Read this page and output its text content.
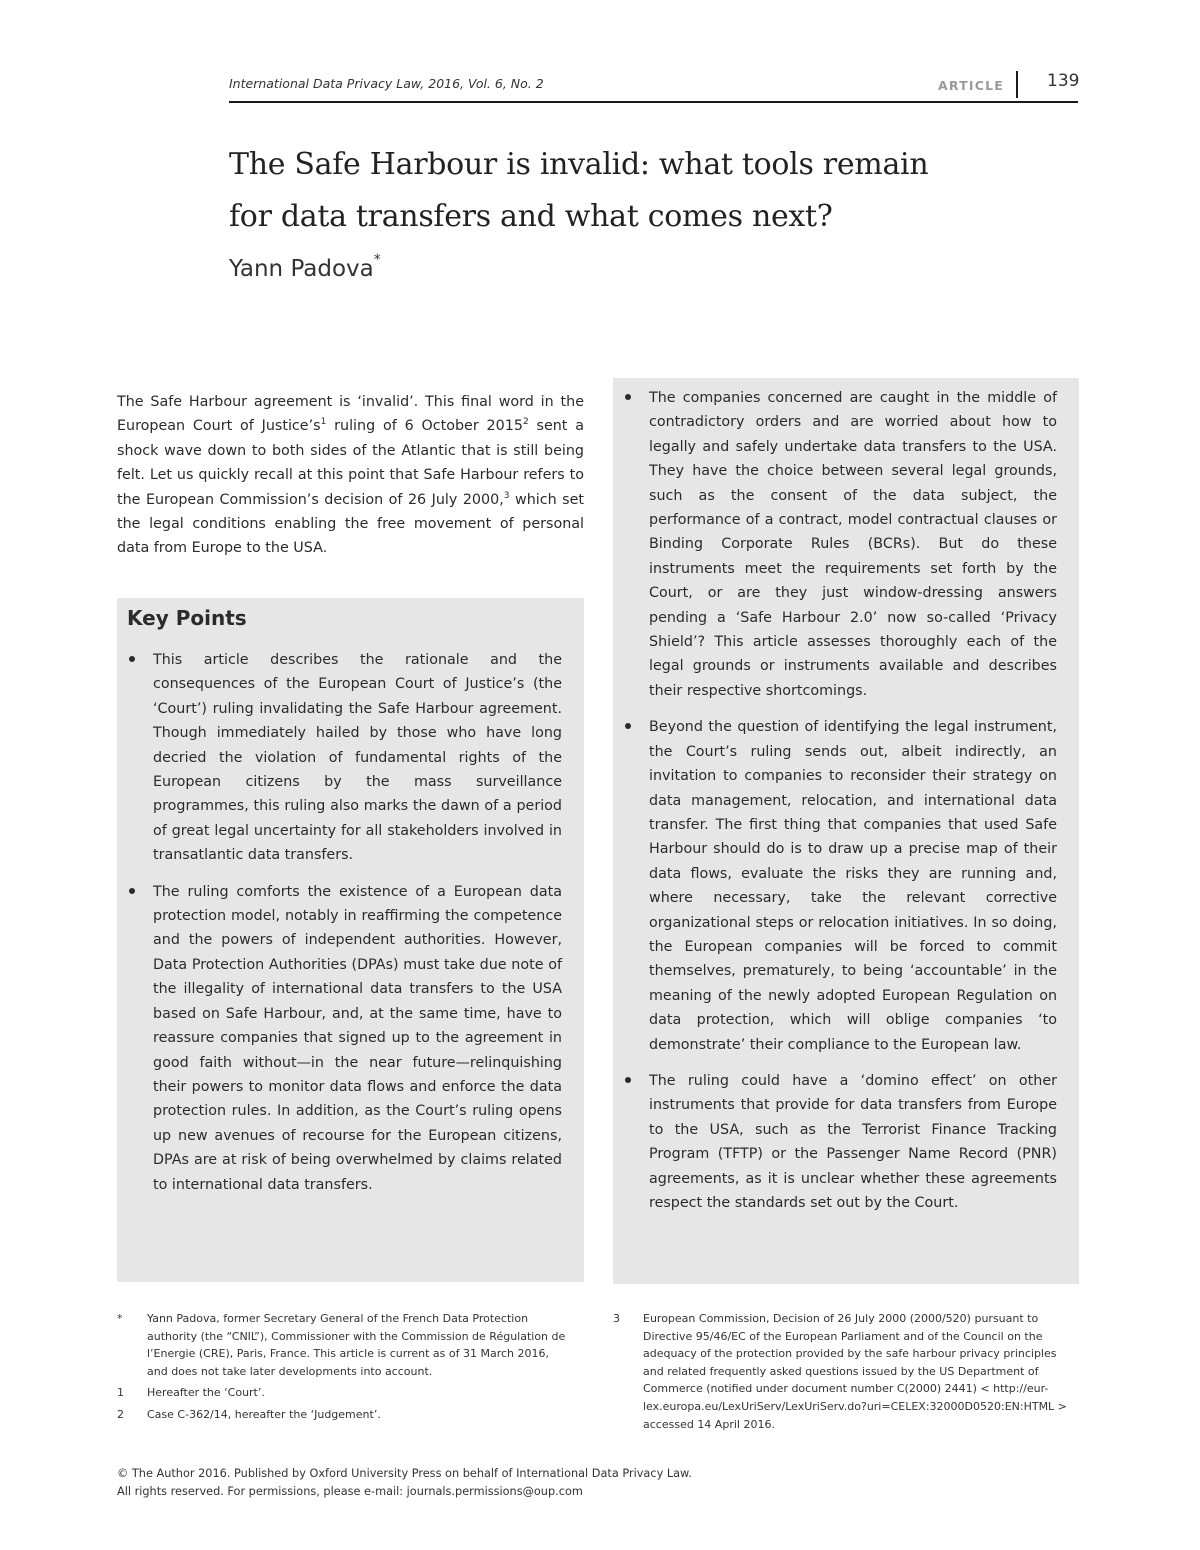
International Data Privacy Law, 2016, Vol. 6, No. 2	ARTICLE	139
The Safe Harbour is invalid: what tools remain
for data transfers and what comes next?
Yann Padova*
The Safe Harbour agreement is ‘invalid’. This final word in the European Court of $Justice’s^1$ ruling of 6 October 2015$^2$ sent a shock wave down to both sides of the Atlantic that is still being felt. Let us quickly recall at this point that Safe Harbour refers to the European Commission’s decision of 26 July 2000,$^3$ which set the legal conditions enabling the free movement of personal data from Europe to the USA.
Key Points
This article describes the rationale and the consequences of the European Court of Justice’s (the ‘Court’) ruling invalidating the Safe Harbour agreement. Though immediately hailed by those who have long decried the violation of fundamental rights of the European citizens by the mass surveillance programmes, this ruling also marks the dawn of a period of great legal uncertainty for all stakeholders involved in transatlantic data transfers.
The ruling comforts the existence of a European data protection model, notably in reaffirming the competence and the powers of independent authorities. However, Data Protection Authorities (DPAs) must take due note of the illegality of international data transfers to the USA based on Safe Harbour, and, at the same time, have to reassure companies that signed up to the agreement in good faith without—in the near future—relinquishing their powers to monitor data flows and enforce the data protection rules. In addition, as the Court’s ruling opens up new avenues of recourse for the European citizens, DPAs are at risk of being overwhelmed by claims related to international data transfers.
The companies concerned are caught in the middle of contradictory orders and are worried about how to legally and safely undertake data transfers to the USA. They have the choice between several legal grounds, such as the consent of the data subject, the performance of a contract, model contractual clauses or Binding Corporate Rules (BCRs). But do these instruments meet the requirements set forth by the Court, or are they just window-dressing answers pending a ‘Safe Harbour 2.0’ now so-called ‘Privacy Shield’? This article assesses thoroughly each of the legal grounds or instruments available and describes their respective shortcomings.
Beyond the question of identifying the legal instrument, the Court’s ruling sends out, albeit indirectly, an invitation to companies to reconsider their strategy on data management, relocation, and international data transfer. The first thing that companies that used Safe Harbour should do is to draw up a precise map of their data flows, evaluate the risks they are running and, where necessary, take the relevant corrective organizational steps or relocation initiatives. In so doing, the European companies will be forced to commit themselves, prematurely, to being ‘accountable’ in the meaning of the newly adopted European Regulation on data protection, which will oblige companies ‘to demonstrate’ their compliance to the European law.
The ruling could have a ‘domino effect’ on other instruments that provide for data transfers from Europe to the USA, such as the Terrorist Finance Tracking Program (TFTP) or the Passenger Name Record (PNR) agreements, as it is unclear whether these agreements respect the standards set out by the Court.
* Yann Padova, former Secretary General of the French Data Protection authority (the “CNIL”), Commissioner with the Commission de Régulation de l’Energie (CRE), Paris, France. This article is current as of 31 March 2016, and does not take later developments into account.
1 Hereafter the ‘Court’.
2 Case C-362/14, hereafter the ‘Judgement’.
3 European Commission, Decision of 26 July 2000 (2000/520) pursuant to Directive 95/46/EC of the European Parliament and of the Council on the adequacy of the protection provided by the safe harbour privacy principles and related frequently asked questions issued by the US Department of Commerce (notified under document number C(2000) 2441) < http://eur-lex.europa.eu/LexUriServ/LexUriServ.do?uri=CELEX:32000D0520:EN:HTML > accessed 14 April 2016.
© The Author 2016. Published by Oxford University Press on behalf of International Data Privacy Law.
All rights reserved. For permissions, please e-mail: journals.permissions@oup.com
